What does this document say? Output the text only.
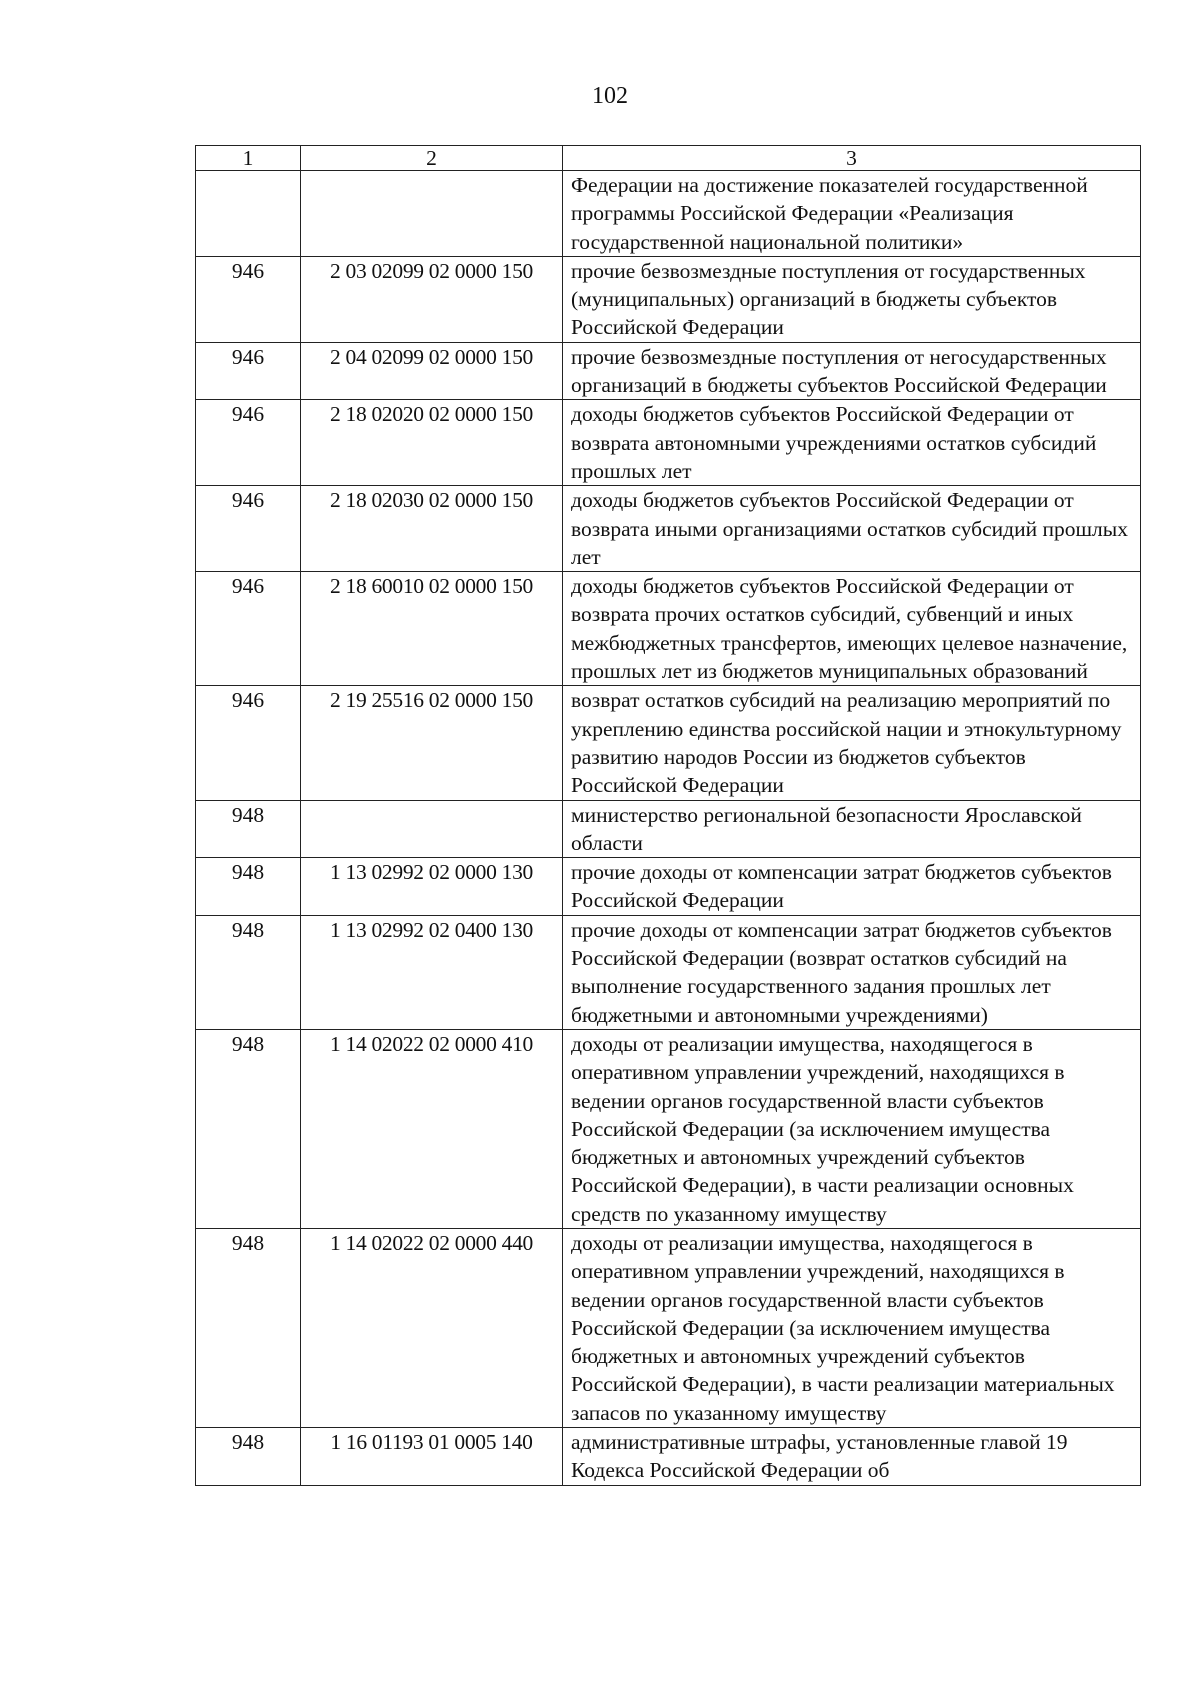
102
1	2	3
		Федерации на достижение показателей государственной программы Российской Федерации «Реализация государственной национальной политики»
946	2 03 02099 02 0000 150	прочие безвозмездные поступления от государственных (муниципальных) организаций в бюджеты субъектов Российской Федерации
946	2 04 02099 02 0000 150	прочие безвозмездные поступления от негосударственных организаций в бюджеты субъектов Российской Федерации
946	2 18 02020 02 0000 150	доходы бюджетов субъектов Российской Федерации от возврата автономными учреждениями остатков субсидий прошлых лет
946	2 18 02030 02 0000 150	доходы бюджетов субъектов Российской Федерации от возврата иными организациями остатков субсидий прошлых лет
946	2 18 60010 02 0000 150	доходы бюджетов субъектов Российской Федерации от возврата прочих остатков субсидий, субвенций и иных межбюджетных трансфертов, имеющих целевое назначение, прошлых лет из бюджетов муниципальных образований
946	2 19 25516 02 0000 150	возврат остатков субсидий на реализацию мероприятий по укреплению единства российской нации и этнокультурному развитию народов России из бюджетов субъектов Российской Федерации
948		министерство региональной безопасности Ярославской области
948	1 13 02992 02 0000 130	прочие доходы от компенсации затрат бюджетов субъектов Российской Федерации
948	1 13 02992 02 0400 130	прочие доходы от компенсации затрат бюджетов субъектов Российской Федерации (возврат остатков субсидий на выполнение государственного задания прошлых лет бюджетными и автономными учреждениями)
948	1 14 02022 02 0000 410	доходы от реализации имущества, находящегося в оперативном управлении учреждений, находящихся в ведении органов государственной власти субъектов Российской Федерации (за исключением имущества бюджетных и автономных учреждений субъектов Российской Федерации), в части реализации основных средств по указанному имуществу
948	1 14 02022 02 0000 440	доходы от реализации имущества, находящегося в оперативном управлении учреждений, находящихся в ведении органов государственной власти субъектов Российской Федерации (за исключением имущества бюджетных и автономных учреждений субъектов Российской Федерации), в части реализации материальных запасов по указанному имуществу
948	1 16 01193 01 0005 140	административные штрафы, установленные главой 19 Кодекса Российской Федерации об
